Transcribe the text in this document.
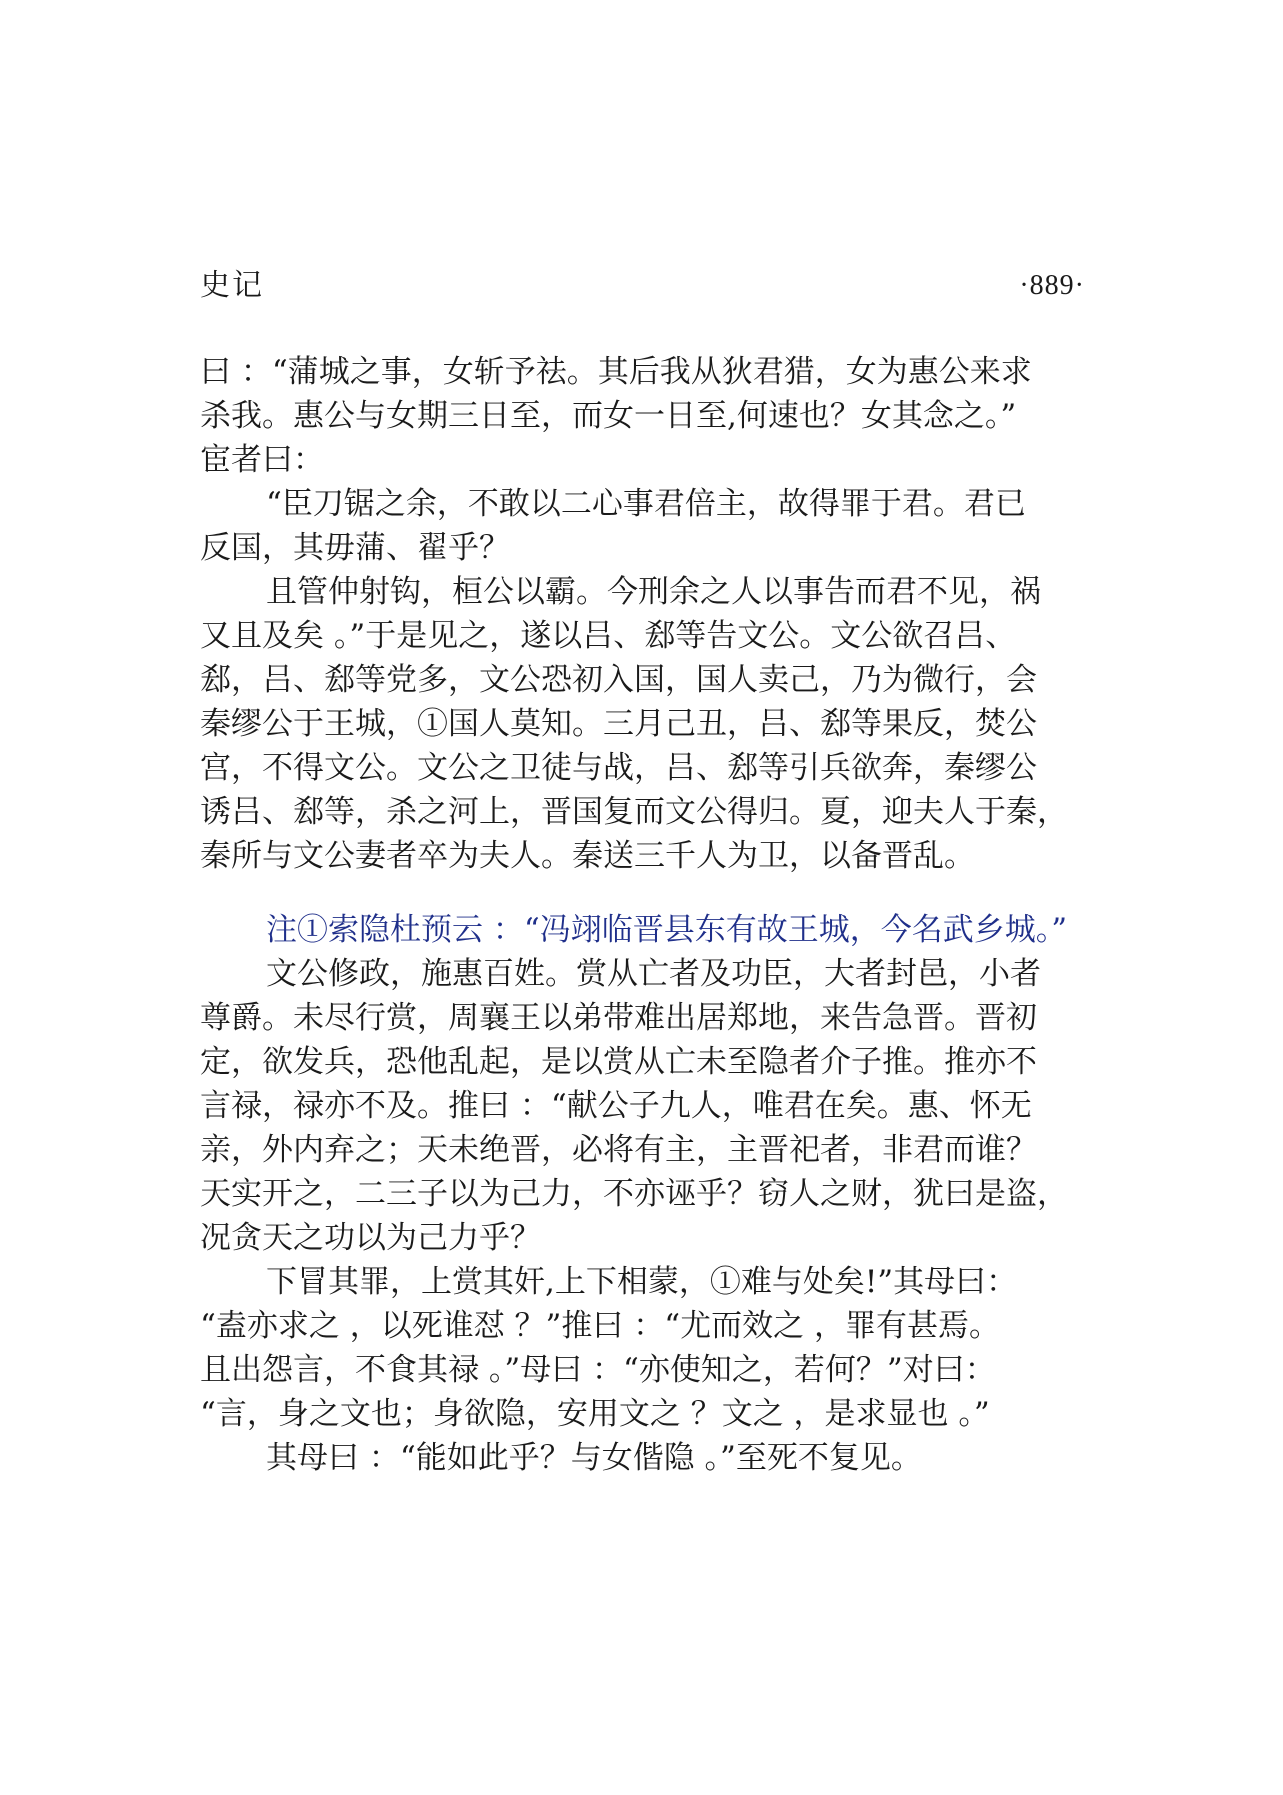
史记	·889·
曰 ：“蒲城之事，女斩予祛。其后我从狄君猎，女为惠公来求
杀我。惠公与女期三日至，而女一日至,何速也？女其念之。”
宦者曰：
“臣刀锯之余，不敢以二心事君倍主，故得罪于君。君已
反国，其毋蒲、翟乎？
且管仲射钩，桓公以霸。今刑余之人以事告而君不见，祸
又且及矣 。”于是见之，遂以吕、郄等告文公。文公欲召吕、
郄，吕、郄等党多，文公恐初入国，国人卖己，乃为微行，会
秦缪公于王城，①国人莫知。三月己丑，吕、郄等果反，焚公
宫，不得文公。文公之卫徒与战，吕、郄等引兵欲奔，秦缪公
诱吕、郄等，杀之河上，晋国复而文公得归。夏，迎夫人于秦，
秦所与文公妻者卒为夫人。秦送三千人为卫，以备晋乱。
注①索隐杜预云 ：“冯翊临晋县东有故王城，今名武乡城。”
文公修政，施惠百姓。赏从亡者及功臣，大者封邑，小者
尊爵。未尽行赏，周襄王以弟带难出居郑地，来告急晋。晋初
定，欲发兵，恐他乱起，是以赏从亡未至隐者介子推。推亦不
言禄，禄亦不及。推曰 ：“献公子九人，唯君在矣。惠、怀无
亲，外内弃之；天未绝晋，必将有主，主晋祀者，非君而谁？
天实开之，二三子以为己力，不亦诬乎？窃人之财，犹曰是盗，
况贪天之功以为己力乎？
下冒其罪，上赏其奸,上下相蒙，①难与处矣!”其母曰：
“盍亦求之 ，以死谁怼 ？”推曰 ：“尤而效之 ，罪有甚焉。
且出怨言，不食其禄 。”母曰 ：“亦使知之，若何？”对曰：
“言，身之文也；身欲隐，安用文之 ？文之 ，是求显也 。”
其母曰 ：“能如此乎？与女偕隐 。”至死不复见。
